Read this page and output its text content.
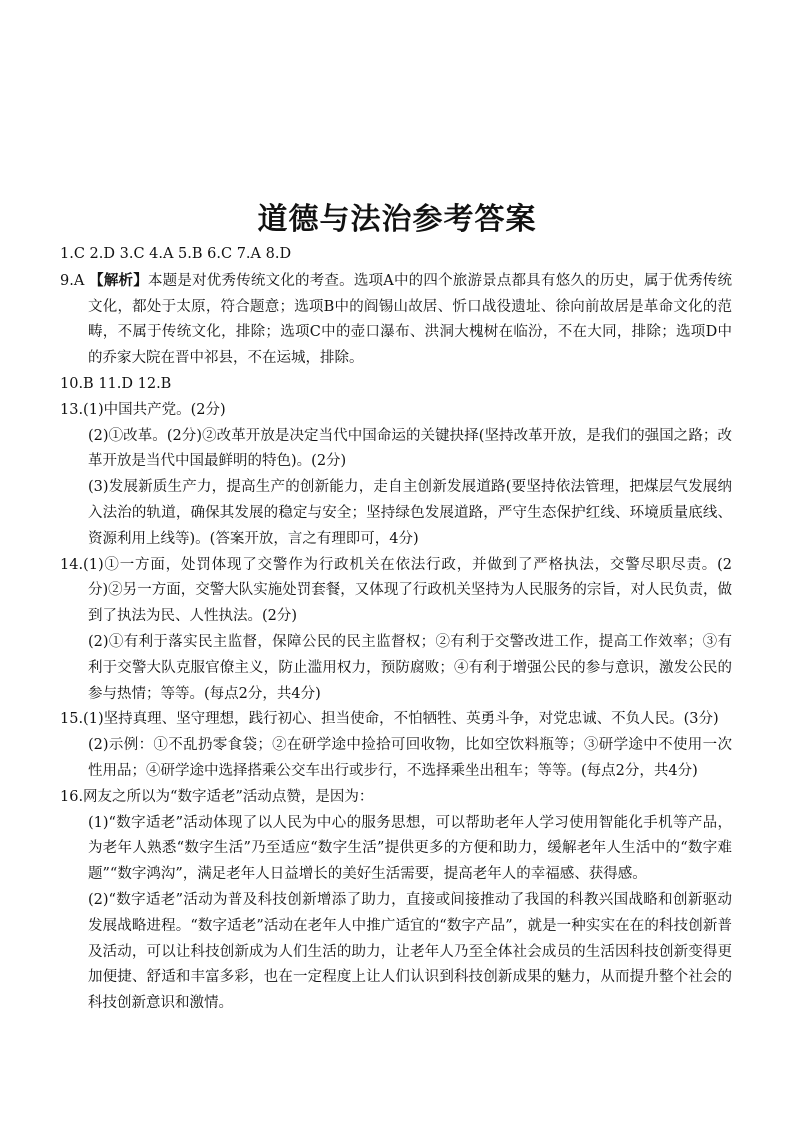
道德与法治参考答案

1.C 2.D 3.C 4.A 5.B 6.C 7.A 8.D

9.A 【解析】本题是对优秀传统文化的考查。选项A中的四个旅游景点都具有悠久的历史，属于优秀传统文化，都处于太原，符合题意；选项B中的阎锡山故居、忻口战役遗址、徐向前故居是革命文化的范畴，不属于传统文化，排除；选项C中的壶口瀑布、洪洞大槐树在临汾，不在大同，排除；选项D中的乔家大院在晋中祁县，不在运城，排除。

10.B 11.D 12.B

13.(1)中国共产党。(2分)

(2)①改革。(2分)②改革开放是决定当代中国命运的关键抉择(坚持改革开放，是我们的强国之路；改革开放是当代中国最鲜明的特色)。(2分)

(3)发展新质生产力，提高生产的创新能力，走自主创新发展道路(要坚持依法管理，把煤层气发展纳入法治的轨道，确保其发展的稳定与安全；坚持绿色发展道路，严守生态保护红线、环境质量底线、资源利用上线等)。(答案开放，言之有理即可，4分)

14.(1)①一方面，处罚体现了交警作为行政机关在依法行政，并做到了严格执法，交警尽职尽责。(2分)②另一方面，交警大队实施处罚套餐，又体现了行政机关坚持为人民服务的宗旨，对人民负责，做到了执法为民、人性执法。(2分)

(2)①有利于落实民主监督，保障公民的民主监督权；②有利于交警改进工作，提高工作效率；③有利于交警大队克服官僚主义，防止滥用权力，预防腐败；④有利于增强公民的参与意识，激发公民的参与热情；等等。(每点2分，共4分)

15.(1)坚持真理、坚守理想，践行初心、担当使命，不怕牺牲、英勇斗争，对党忠诚、不负人民。(3分)

(2)示例：①不乱扔零食袋；②在研学途中捡拾可回收物，比如空饮料瓶等；③研学途中不使用一次性用品；④研学途中选择搭乘公交车出行或步行，不选择乘坐出租车；等等。(每点2分，共4分)

16.网友之所以为“数字适老”活动点赞，是因为：

(1)“数字适老”活动体现了以人民为中心的服务思想，可以帮助老年人学习使用智能化手机等产品，为老年人熟悉“数字生活”乃至适应“数字生活”提供更多的方便和助力，缓解老年人生活中的“数字难题”“数字鸿沟”，满足老年人日益增长的美好生活需要，提高老年人的幸福感、获得感。

(2)“数字适老”活动为普及科技创新增添了助力，直接或间接推动了我国的科教兴国战略和创新驱动发展战略进程。“数字适老”活动在老年人中推广适宜的“数字产品”，就是一种实实在在的科技创新普及活动，可以让科技创新成为人们生活的助力，让老年人乃至全体社会成员的生活因科技创新变得更加便捷、舒适和丰富多彩，也在一定程度上让人们认识到科技创新成果的魅力，从而提升整个社会的科技创新意识和激情。
